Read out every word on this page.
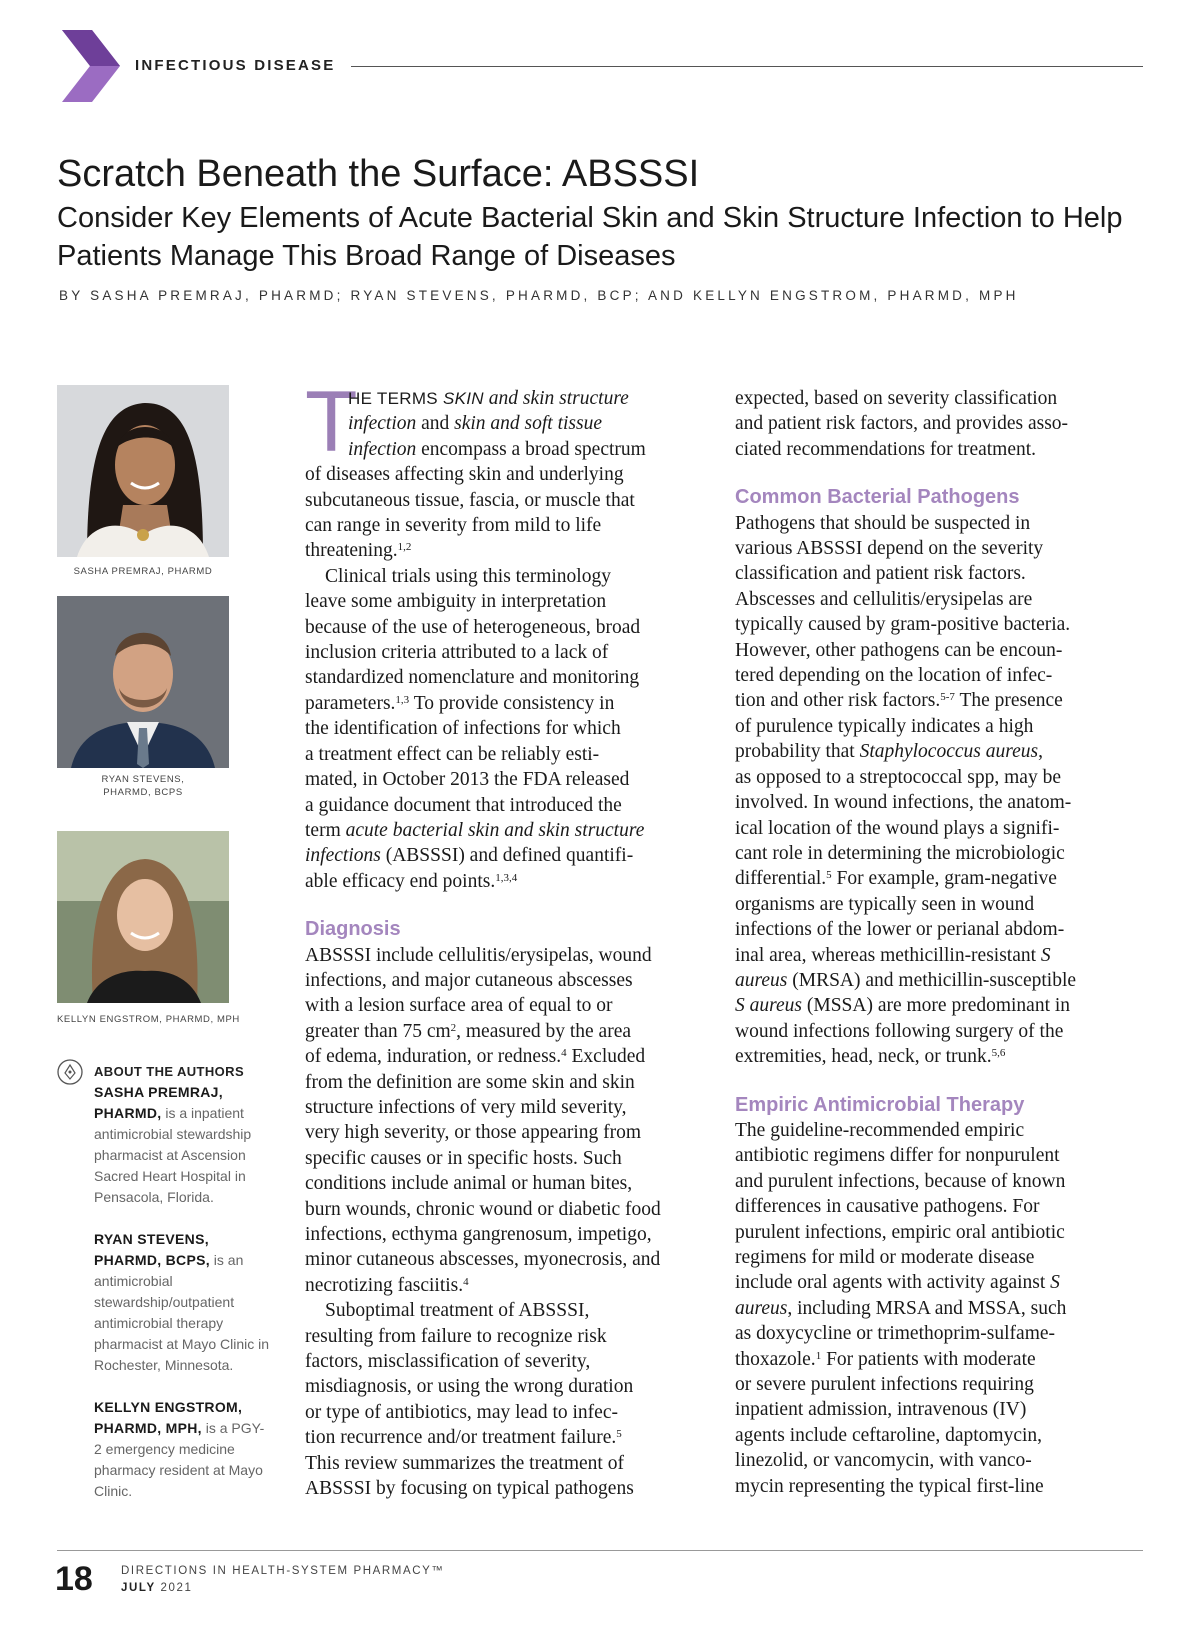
INFECTIOUS DISEASE
Scratch Beneath the Surface: ABSSSI
Consider Key Elements of Acute Bacterial Skin and Skin Structure Infection to Help Patients Manage This Broad Range of Diseases
BY SASHA PREMRAJ, PHARMD; RYAN STEVENS, PHARMD, BCP; AND KELLYN ENGSTROM, PHARMD, MPH
SASHA PREMRAJ, PHARMD
RYAN STEVENS,
PHARMD, BCPS
KELLYN ENGSTROM, PHARMD, MPH

ABOUT THE AUTHORS
SASHA PREMRAJ, PHARMD, is a inpatient antimicrobial stewardship pharmacist at Ascension Sacred Heart Hospital in Pensacola, Florida.

RYAN STEVENS, PHARMD, BCPS, is an antimicrobial stewardship/outpatient antimicrobial therapy pharmacist at Mayo Clinic in Rochester, Minnesota.

KELLYN ENGSTROM, PHARMD, MPH, is a PGY-2 emergency medicine pharmacy resident at Mayo Clinic.

T
HE TERMS SKIN and skin structure
infection and skin and soft tissue
infection encompass a broad spectrum
of diseases affecting skin and underlying
subcutaneous tissue, fascia, or muscle that
can range in severity from mild to life
threatening.$^{1,2}$
Clinical trials using this terminology
leave some ambiguity in interpretation
because of the use of heterogeneous, broad
inclusion criteria attributed to a lack of
standardized nomenclature and monitoring
parameters.$^{1,3}$ To provide consistency in
the identification of infections for which
a treatment effect can be reliably esti-
mated, in October 2013 the FDA released
a guidance document that introduced the
term acute bacterial skin and skin structure
infections (ABSSSI) and defined quantifi-
able efficacy end points.$^{1,3,4}$
Diagnosis
ABSSSI include cellulitis/erysipelas, wound
infections, and major cutaneous abscesses
with a lesion surface area of equal to or
greater than 75 $cm^2$, measured by the area
of edema, induration, or redness.$^4$ Excluded
from the definition are some skin and skin
structure infections of very mild severity,
very high severity, or those appearing from
specific causes or in specific hosts. Such
conditions include animal or human bites,
burn wounds, chronic wound or diabetic food
infections, ecthyma gangrenosum, impetigo,
minor cutaneous abscesses, myonecrosis, and
necrotizing fasciitis.$^4$
Suboptimal treatment of ABSSSI,
resulting from failure to recognize risk
factors, misclassification of severity,
misdiagnosis, or using the wrong duration
or type of antibiotics, may lead to infec-
tion recurrence and/or treatment failure.$^5$
This review summarizes the treatment of
ABSSSI by focusing on typical pathogens
expected, based on severity classification
and patient risk factors, and provides asso-
ciated recommendations for treatment.
Common Bacterial Pathogens
Pathogens that should be suspected in
various ABSSSI depend on the severity
classification and patient risk factors.
Abscesses and cellulitis/erysipelas are
typically caused by gram-positive bacteria.
However, other pathogens can be encoun-
tered depending on the location of infec-
tion and other risk factors.$^{5-7}$ The presence
of purulence typically indicates a high
probability that Staphylococcus aureus,
as opposed to a streptococcal spp, may be
involved. In wound infections, the anatom-
ical location of the wound plays a signifi-
cant role in determining the microbiologic
differential.$^5$ For example, gram-negative
organisms are typically seen in wound
infections of the lower or perianal abdom-
inal area, whereas methicillin-resistant S
aureus (MRSA) and methicillin-susceptible
S aureus (MSSA) are more predominant in
wound infections following surgery of the
extremities, head, neck, or trunk.$^{5,6}$
Empiric Antimicrobial Therapy
The guideline-recommended empiric
antibiotic regimens differ for nonpurulent
and purulent infections, because of known
differences in causative pathogens. For
purulent infections, empiric oral antibiotic
regimens for mild or moderate disease
include oral agents with activity against S
aureus, including MRSA and MSSA, such
as doxycycline or trimethoprim-sulfame-
thoxazole.$^1$ For patients with moderate
or severe purulent infections requiring
inpatient admission, intravenous (IV)
agents include ceftaroline, daptomycin,
linezolid, or vancomycin, with vanco-
mycin representing the typical first-line
18 DIRECTIONS IN HEALTH-SYSTEM PHARMACY™
JULY 2021
